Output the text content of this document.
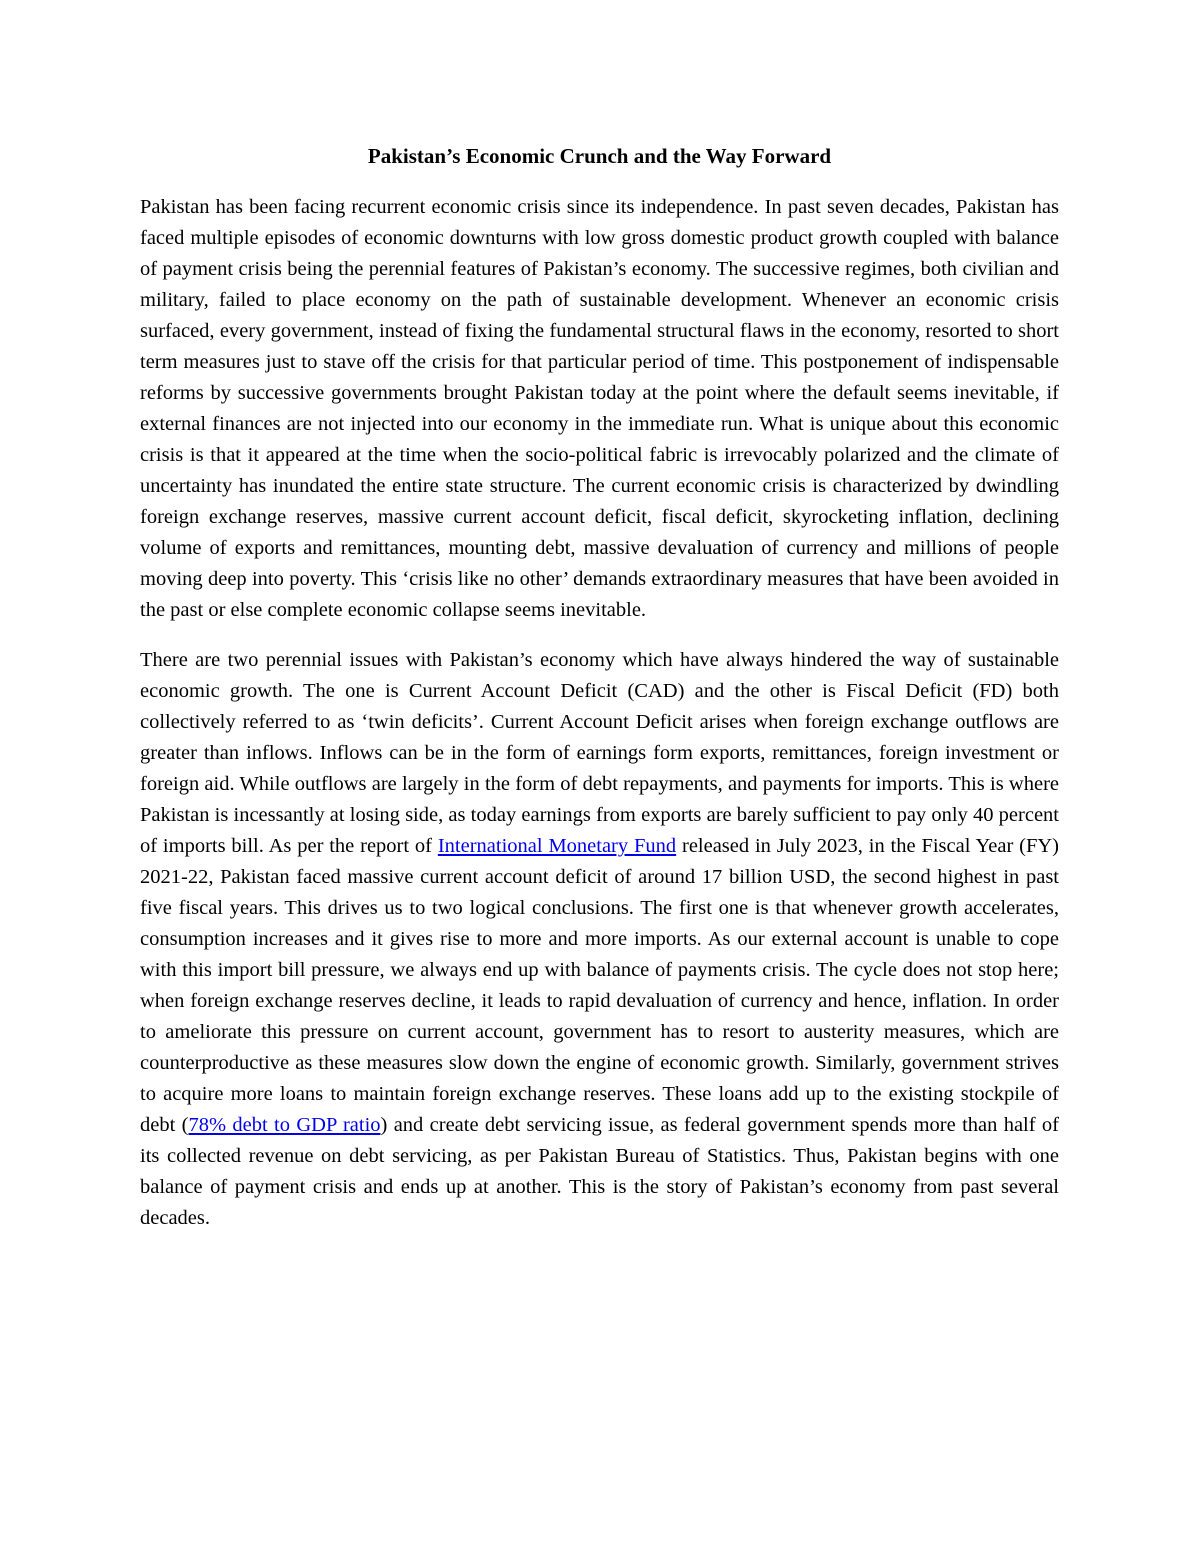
Pakistan’s Economic Crunch and the Way Forward

Pakistan has been facing recurrent economic crisis since its independence. In past seven decades, Pakistan has faced multiple episodes of economic downturns with low gross domestic product growth coupled with balance of payment crisis being the perennial features of Pakistan’s economy. The successive regimes, both civilian and military, failed to place economy on the path of sustainable development. Whenever an economic crisis surfaced, every government, instead of fixing the fundamental structural flaws in the economy, resorted to short term measures just to stave off the crisis for that particular period of time. This postponement of indispensable reforms by successive governments brought Pakistan today at the point where the default seems inevitable, if external finances are not injected into our economy in the immediate run. What is unique about this economic crisis is that it appeared at the time when the socio-political fabric is irrevocably polarized and the climate of uncertainty has inundated the entire state structure. The current economic crisis is characterized by dwindling foreign exchange reserves, massive current account deficit, fiscal deficit, skyrocketing inflation, declining volume of exports and remittances, mounting debt, massive devaluation of currency and millions of people moving deep into poverty. This ‘crisis like no other’ demands extraordinary measures that have been avoided in the past or else complete economic collapse seems inevitable.

There are two perennial issues with Pakistan’s economy which have always hindered the way of sustainable economic growth. The one is Current Account Deficit (CAD) and the other is Fiscal Deficit (FD) both collectively referred to as ‘twin deficits’. Current Account Deficit arises when foreign exchange outflows are greater than inflows. Inflows can be in the form of earnings form exports, remittances, foreign investment or foreign aid. While outflows are largely in the form of debt repayments, and payments for imports. This is where Pakistan is incessantly at losing side, as today earnings from exports are barely sufficient to pay only 40 percent of imports bill. As per the report of International Monetary Fund released in July 2023, in the Fiscal Year (FY) 2021-22, Pakistan faced massive current account deficit of around 17 billion USD, the second highest in past five fiscal years. This drives us to two logical conclusions. The first one is that whenever growth accelerates, consumption increases and it gives rise to more and more imports. As our external account is unable to cope with this import bill pressure, we always end up with balance of payments crisis. The cycle does not stop here; when foreign exchange reserves decline, it leads to rapid devaluation of currency and hence, inflation. In order to ameliorate this pressure on current account, government has to resort to austerity measures, which are counterproductive as these measures slow down the engine of economic growth. Similarly, government strives to acquire more loans to maintain foreign exchange reserves. These loans add up to the existing stockpile of debt (78% debt to GDP ratio) and create debt servicing issue, as federal government spends more than half of its collected revenue on debt servicing, as per Pakistan Bureau of Statistics. Thus, Pakistan begins with one balance of payment crisis and ends up at another. This is the story of Pakistan’s economy from past several decades.
